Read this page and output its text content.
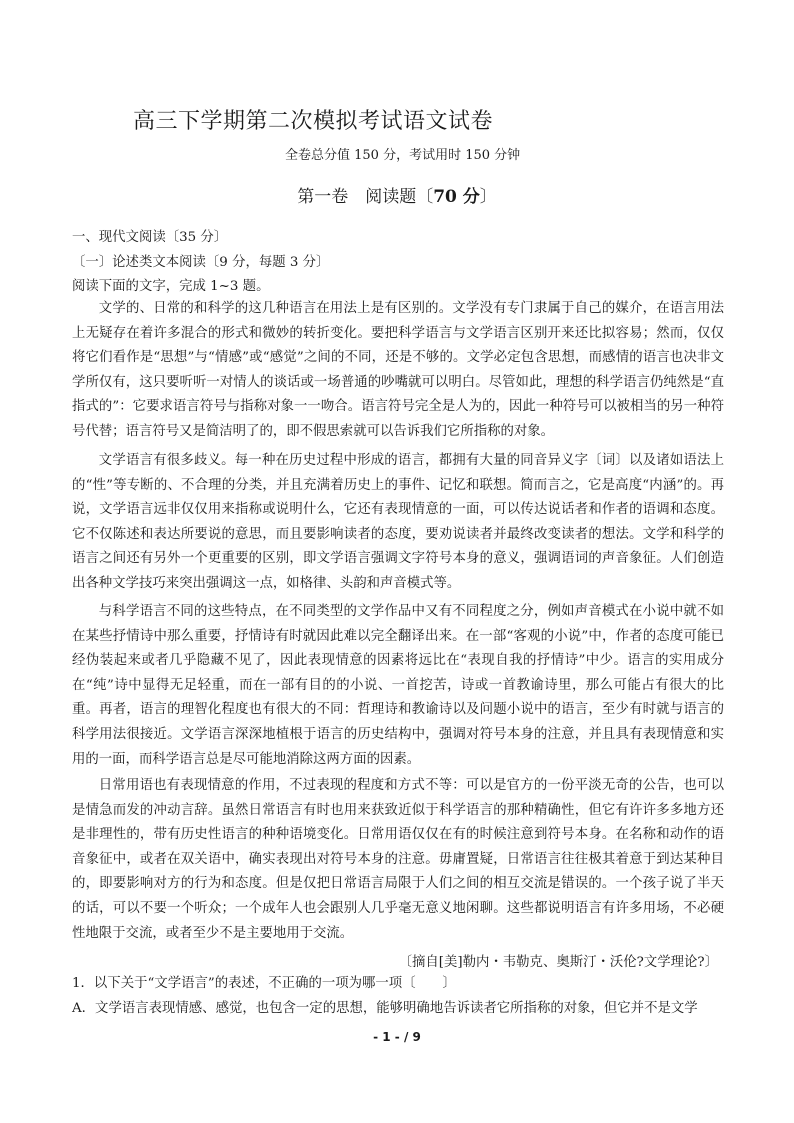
高三下学期第二次模拟考试语文试卷
全卷总分值 150 分，考试用时 150 分钟
第一卷　阅读题〔70 分〕
一、现代文阅读〔35 分〕
〔一〕论述类文本阅读〔9 分，每题 3 分〕
阅读下面的文字，完成 1~3 题。
文学的、日常的和科学的这几种语言在用法上是有区别的。文学没有专门隶属于自己的媒介，在语言用法上无疑存在着许多混合的形式和微妙的转折变化。要把科学语言与文学语言区别开来还比拟容易；然而，仅仅将它们看作是“思想”与“情感”或“感觉”之间的不同，还是不够的。文学必定包含思想，而感情的语言也决非文学所仅有，这只要听听一对情人的谈话或一场普通的吵嘴就可以明白。尽管如此，理想的科学语言仍纯然是“直指式的”：它要求语言符号与指称对象一一吻合。语言符号完全是人为的，因此一种符号可以被相当的另一种符号代替；语言符号又是简洁明了的，即不假思索就可以告诉我们它所指称的对象。
文学语言有很多歧义。每一种在历史过程中形成的语言，都拥有大量的同音异义字〔词〕以及诸如语法上的“性”等专断的、不合理的分类，并且充满着历史上的事件、记忆和联想。简而言之，它是高度“内涵”的。再说，文学语言远非仅仅用来指称或说明什么，它还有表现情意的一面，可以传达说话者和作者的语调和态度。它不仅陈述和表达所要说的意思，而且要影响读者的态度，要劝说读者并最终改变读者的想法。文学和科学的语言之间还有另外一个更重要的区别，即文学语言强调文字符号本身的意义，强调语词的声音象征。人们创造出各种文学技巧来突出强调这一点，如格律、头韵和声音模式等。
与科学语言不同的这些特点，在不同类型的文学作品中又有不同程度之分，例如声音模式在小说中就不如在某些抒情诗中那么重要，抒情诗有时就因此难以完全翻译出来。在一部“客观的小说”中，作者的态度可能已经伪装起来或者几乎隐藏不见了，因此表现情意的因素将远比在“表现自我的抒情诗”中少。语言的实用成分在“纯”诗中显得无足轻重，而在一部有目的的小说、一首挖苦，诗或一首教谕诗里，那么可能占有很大的比重。再者，语言的理智化程度也有很大的不同：哲理诗和教谕诗以及问题小说中的语言，至少有时就与语言的科学用法很接近。文学语言深深地植根于语言的历史结构中，强调对符号本身的注意，并且具有表现情意和实用的一面，而科学语言总是尽可能地消除这两方面的因素。
日常用语也有表现情意的作用，不过表现的程度和方式不等：可以是官方的一份平淡无奇的公告，也可以是情急而发的冲动言辞。虽然日常语言有时也用来获致近似于科学语言的那种精确性，但它有许许多多地方还是非理性的，带有历史性语言的种种语境变化。日常用语仅仅在有的时候注意到符号本身。在名称和动作的语音象征中，或者在双关语中，确实表现出对符号本身的注意。毋庸置疑，日常语言往往极其着意于到达某种目的，即要影响对方的行为和态度。但是仅把日常语言局限于人们之间的相互交流是错误的。一个孩子说了半天的话，可以不要一个听众；一个成年人也会跟别人几乎毫无意义地闲聊。这些都说明语言有许多用场，不必硬性地限于交流，或者至少不是主要地用于交流。
〔摘自[美]勒内・韦勒克、奥斯汀・沃伦?文学理论?〕
1．以下关于“文学语言”的表述，不正确的一项为哪一项〔　　〕
A．文学语言表现情感、感觉，也包含一定的思想，能够明确地告诉读者它所指称的对象，但它并不是文学
- 1 - / 9
